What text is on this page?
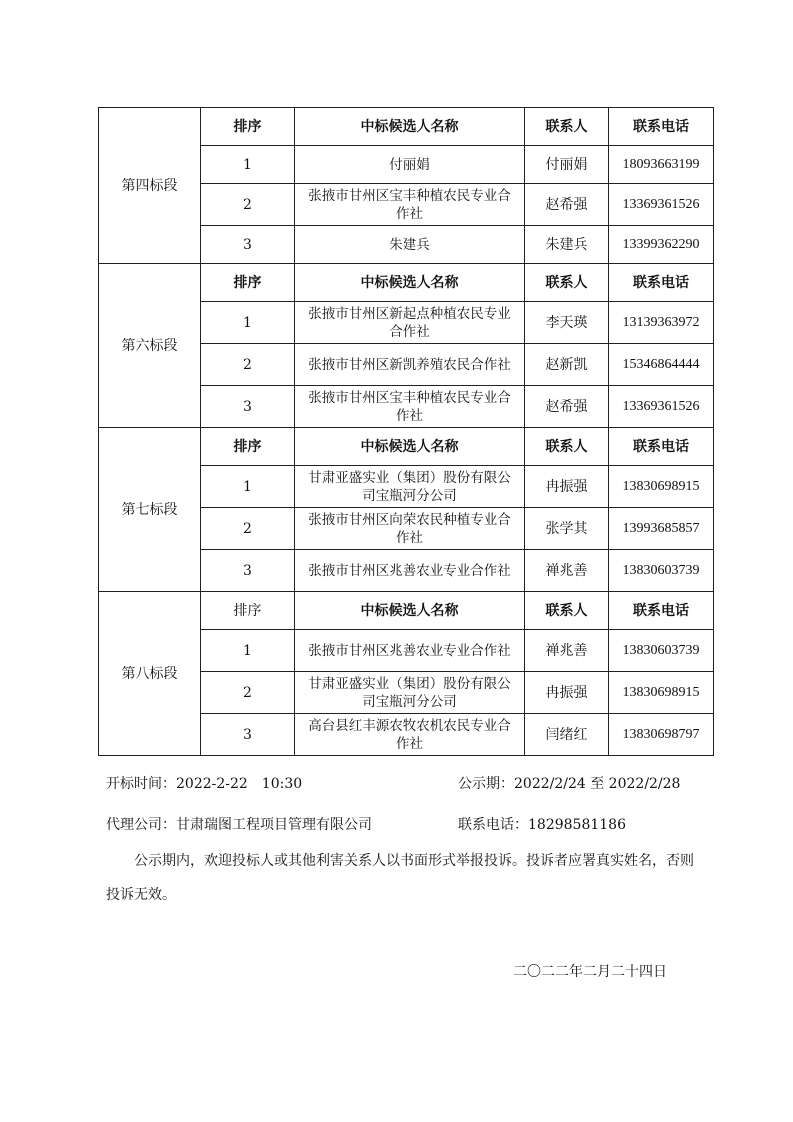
第四标段	排序	中标候选人名称	联系人	联系电话
	1	付丽娟	付丽娟	18093663199
	2	张掖市甘州区宝丰种植农民专业合作社	赵希强	13369361526
	3	朱建兵	朱建兵	13399362290
第六标段	排序	中标候选人名称	联系人	联系电话
	1	张掖市甘州区新起点种植农民专业合作社	李天瑛	13139363972
	2	张掖市甘州区新凯养殖农民合作社	赵新凯	15346864444
	3	张掖市甘州区宝丰种植农民专业合作社	赵希强	13369361526
第七标段	排序	中标候选人名称	联系人	联系电话
	1	甘肃亚盛实业（集团）股份有限公司宝瓶河分公司	冉振强	13830698915
	2	张掖市甘州区向荣农民种植专业合作社	张学其	13993685857
	3	张掖市甘州区兆善农业专业合作社	禅兆善	13830603739
第八标段	排序	中标候选人名称	联系人	联系电话
	1	张掖市甘州区兆善农业专业合作社	禅兆善	13830603739
	2	甘肃亚盛实业（集团）股份有限公司宝瓶河分公司	冉振强	13830698915
	3	高台县红丰源农牧农机农民专业合作社	闫绪红	13830698797
开标时间：2022-2-22　10:30	公示期：2022/2/24 至 2022/2/28
代理公司：甘肃瑞图工程项目管理有限公司	联系电话：18298581186
公示期内，欢迎投标人或其他利害关系人以书面形式举报投诉。投诉者应署真实姓名，否则投诉无效。
二〇二二年二月二十四日
